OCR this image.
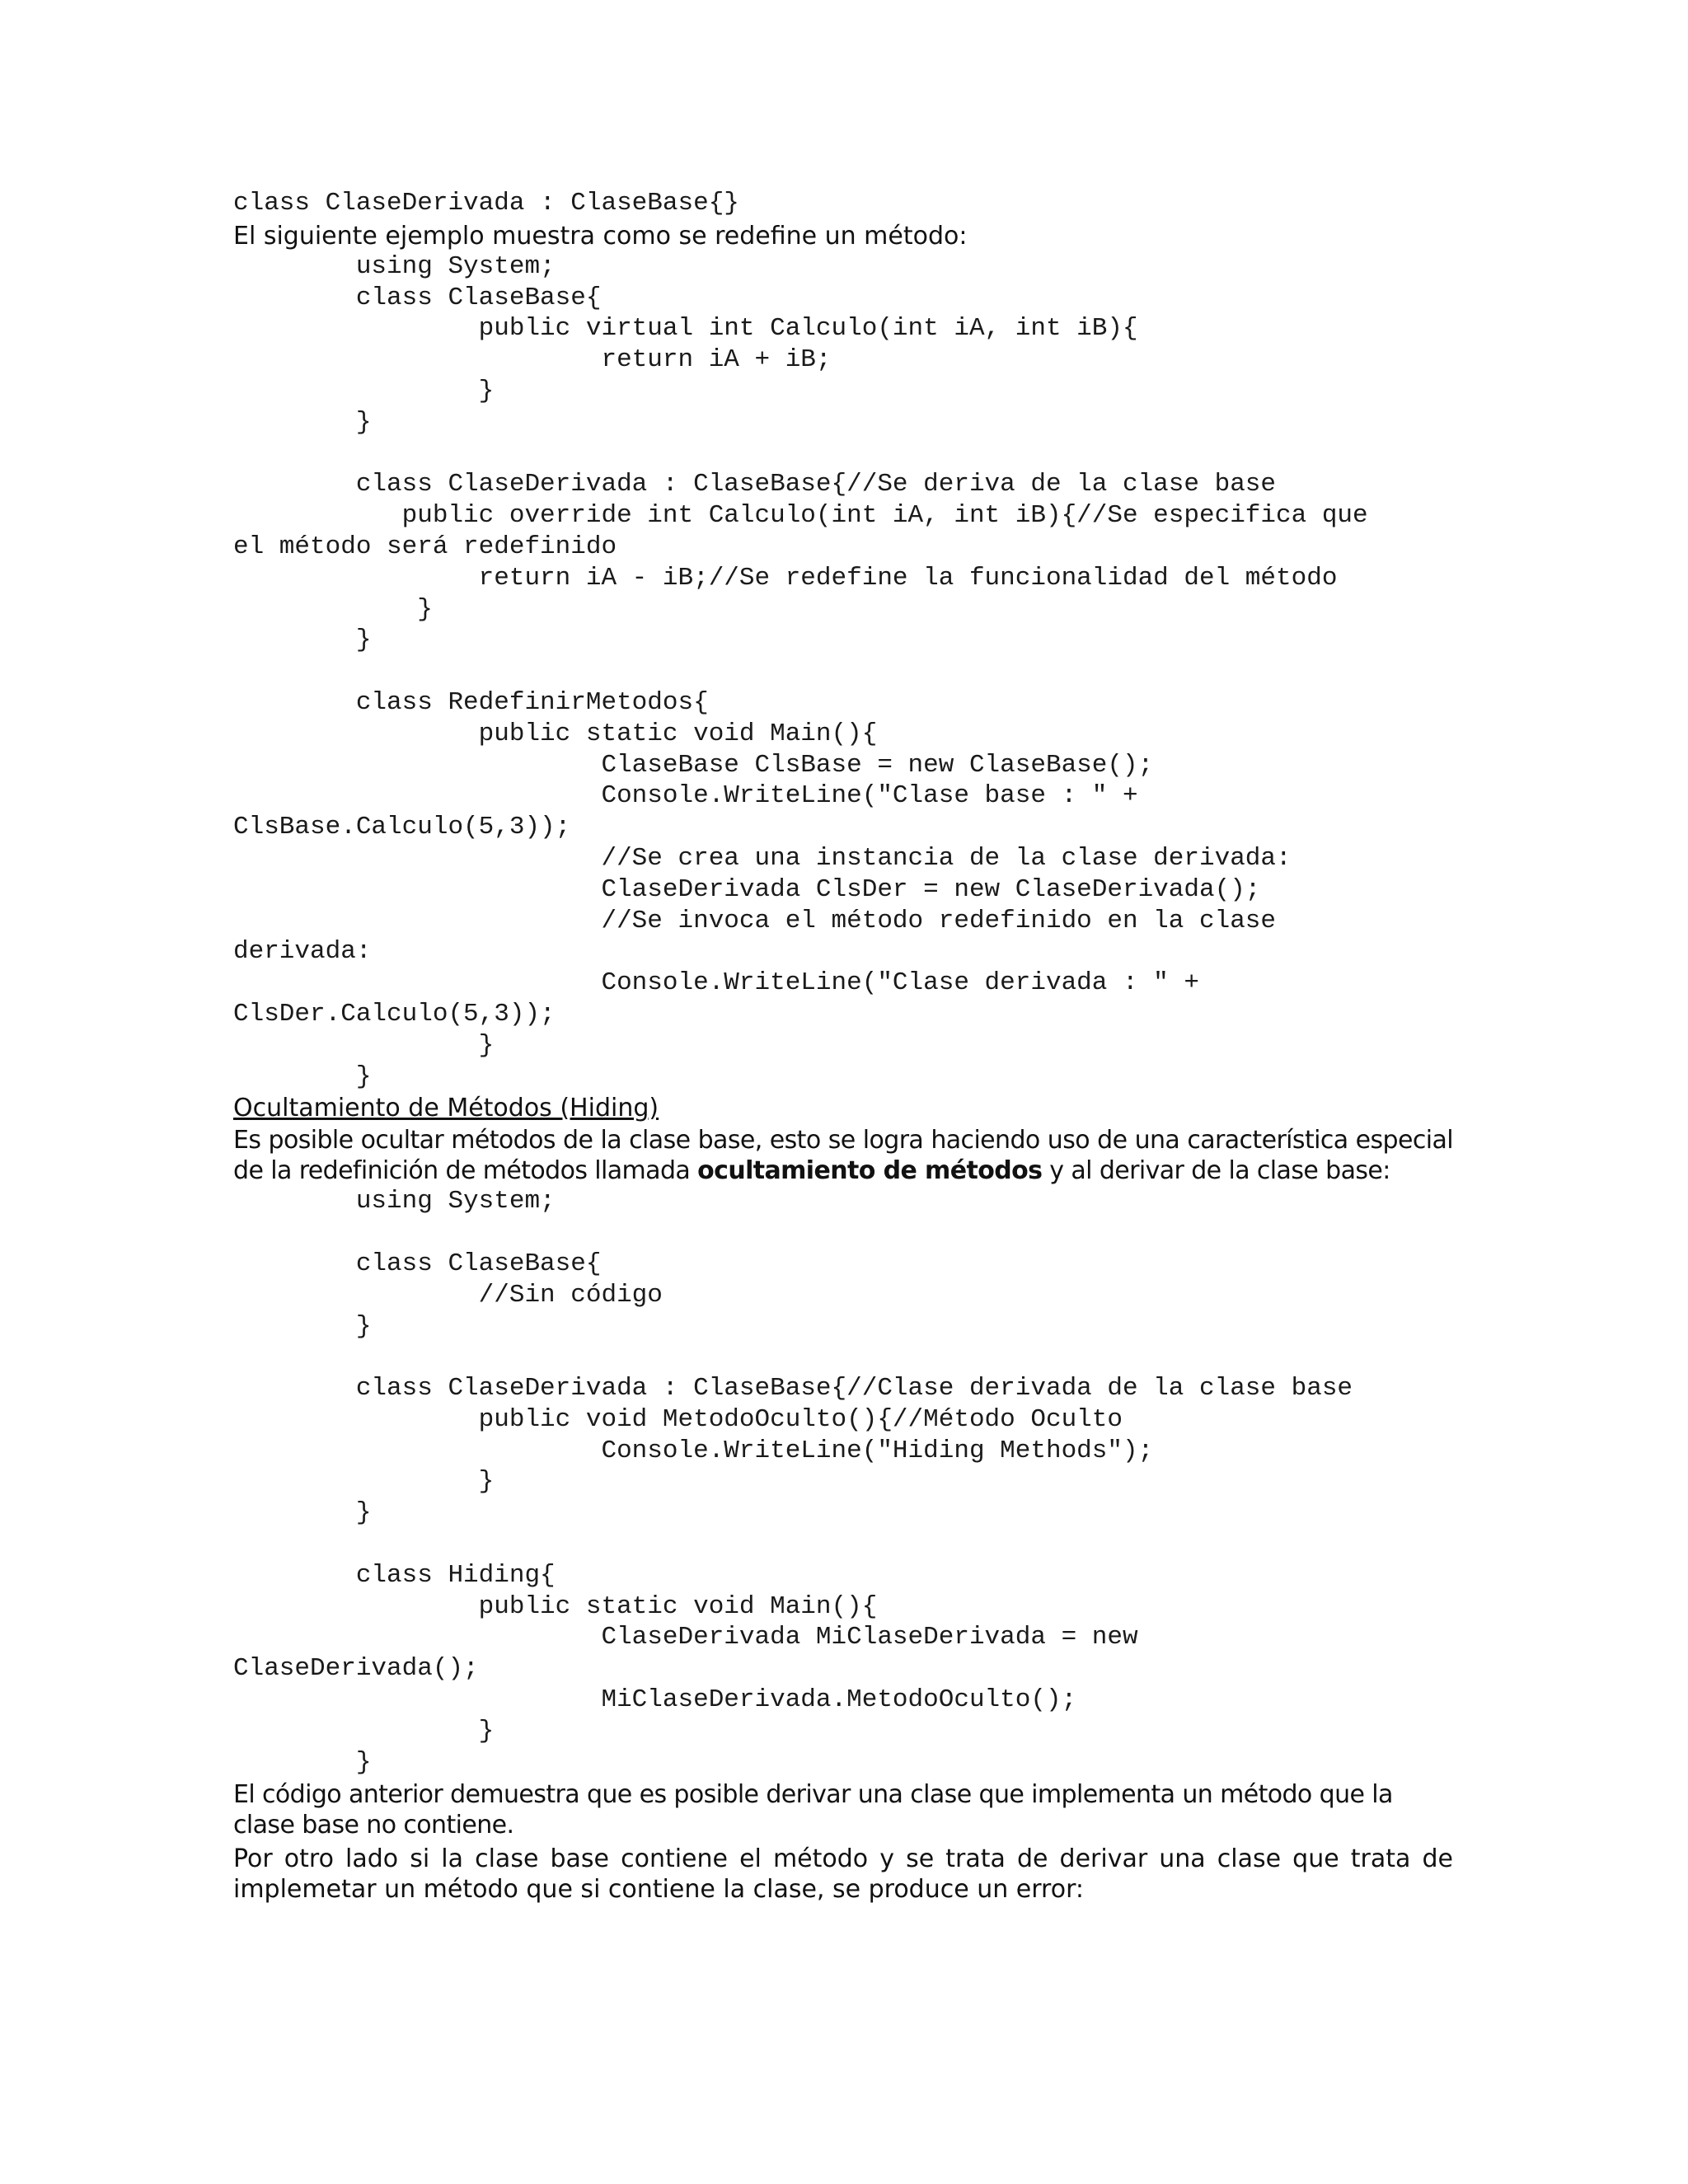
class ClaseDerivada : ClaseBase{}

El siguiente ejemplo muestra como se redefine un método:

using System;
class ClaseBase{
public virtual int Calculo(int iA, int iB){
return iA + iB;
}
}
class ClaseDerivada : ClaseBase{//Se deriva de la clase base
public override int Calculo(int iA, int iB){//Se especifica que
el método será redefinido
return iA - iB;//Se redefine la funcionalidad del método
}
}
class RedefinirMetodos{
public static void Main(){
ClaseBase ClsBase = new ClaseBase();
Console.WriteLine("Clase base : " +
ClsBase.Calculo(5,3));
//Se crea una instancia de la clase derivada:
ClaseDerivada ClsDer = new ClaseDerivada();
//Se invoca el método redefinido en la clase
derivada:
Console.WriteLine("Clase derivada : " +
ClsDer.Calculo(5,3));
}
}

Ocultamiento de Métodos (Hiding)

Es posible ocultar métodos de la clase base, esto se logra haciendo uso de una característica especial de la redefinición de métodos llamada ocultamiento de métodos y al derivar de la clase base:

using System;
class ClaseBase{
//Sin código
}
class ClaseDerivada : ClaseBase{//Clase derivada de la clase base
public void MetodoOculto(){//Método Oculto
Console.WriteLine("Hiding Methods");
}
}
class Hiding{
public static void Main(){
ClaseDerivada MiClaseDerivada = new
ClaseDerivada();
MiClaseDerivada.MetodoOculto();
}
}

El código anterior demuestra que es posible derivar una clase que implementa un método que la clase base no contiene.

Por otro lado si la clase base contiene el método y se trata de derivar una clase que trata de implemetar un método que si contiene la clase, se produce un error:
